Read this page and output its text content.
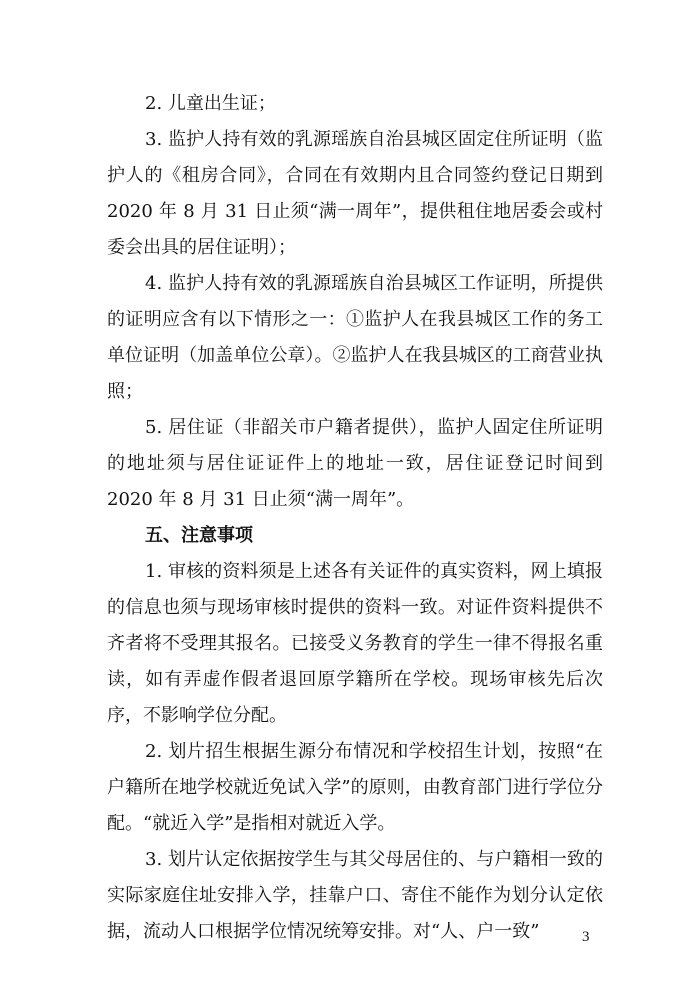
2. 儿童出生证；

3. 监护人持有效的乳源瑶族自治县城区固定住所证明（监护人的《租房合同》，合同在有效期内且合同签约登记日期到 2020 年 8 月 31 日止须“满一周年”，提供租住地居委会或村委会出具的居住证明）；

4. 监护人持有效的乳源瑶族自治县城区工作证明，所提供的证明应含有以下情形之一：①监护人在我县城区工作的务工单位证明（加盖单位公章）。②监护人在我县城区的工商营业执照；

5. 居住证（非韶关市户籍者提供），监护人固定住所证明的地址须与居住证证件上的地址一致，居住证登记时间到 2020 年 8 月 31 日止须“满一周年”。

五、注意事项

1. 审核的资料须是上述各有关证件的真实资料，网上填报的信息也须与现场审核时提供的资料一致。对证件资料提供不齐者将不受理其报名。已接受义务教育的学生一律不得报名重读，如有弄虚作假者退回原学籍所在学校。现场审核先后次序，不影响学位分配。

2. 划片招生根据生源分布情况和学校招生计划，按照“在户籍所在地学校就近免试入学”的原则，由教育部门进行学位分配。“就近入学”是指相对就近入学。

3. 划片认定依据按学生与其父母居住的、与户籍相一致的实际家庭住址安排入学，挂靠户口、寄住不能作为划分认定依据，流动人口根据学位情况统筹安排。对“人、户一致”	3
